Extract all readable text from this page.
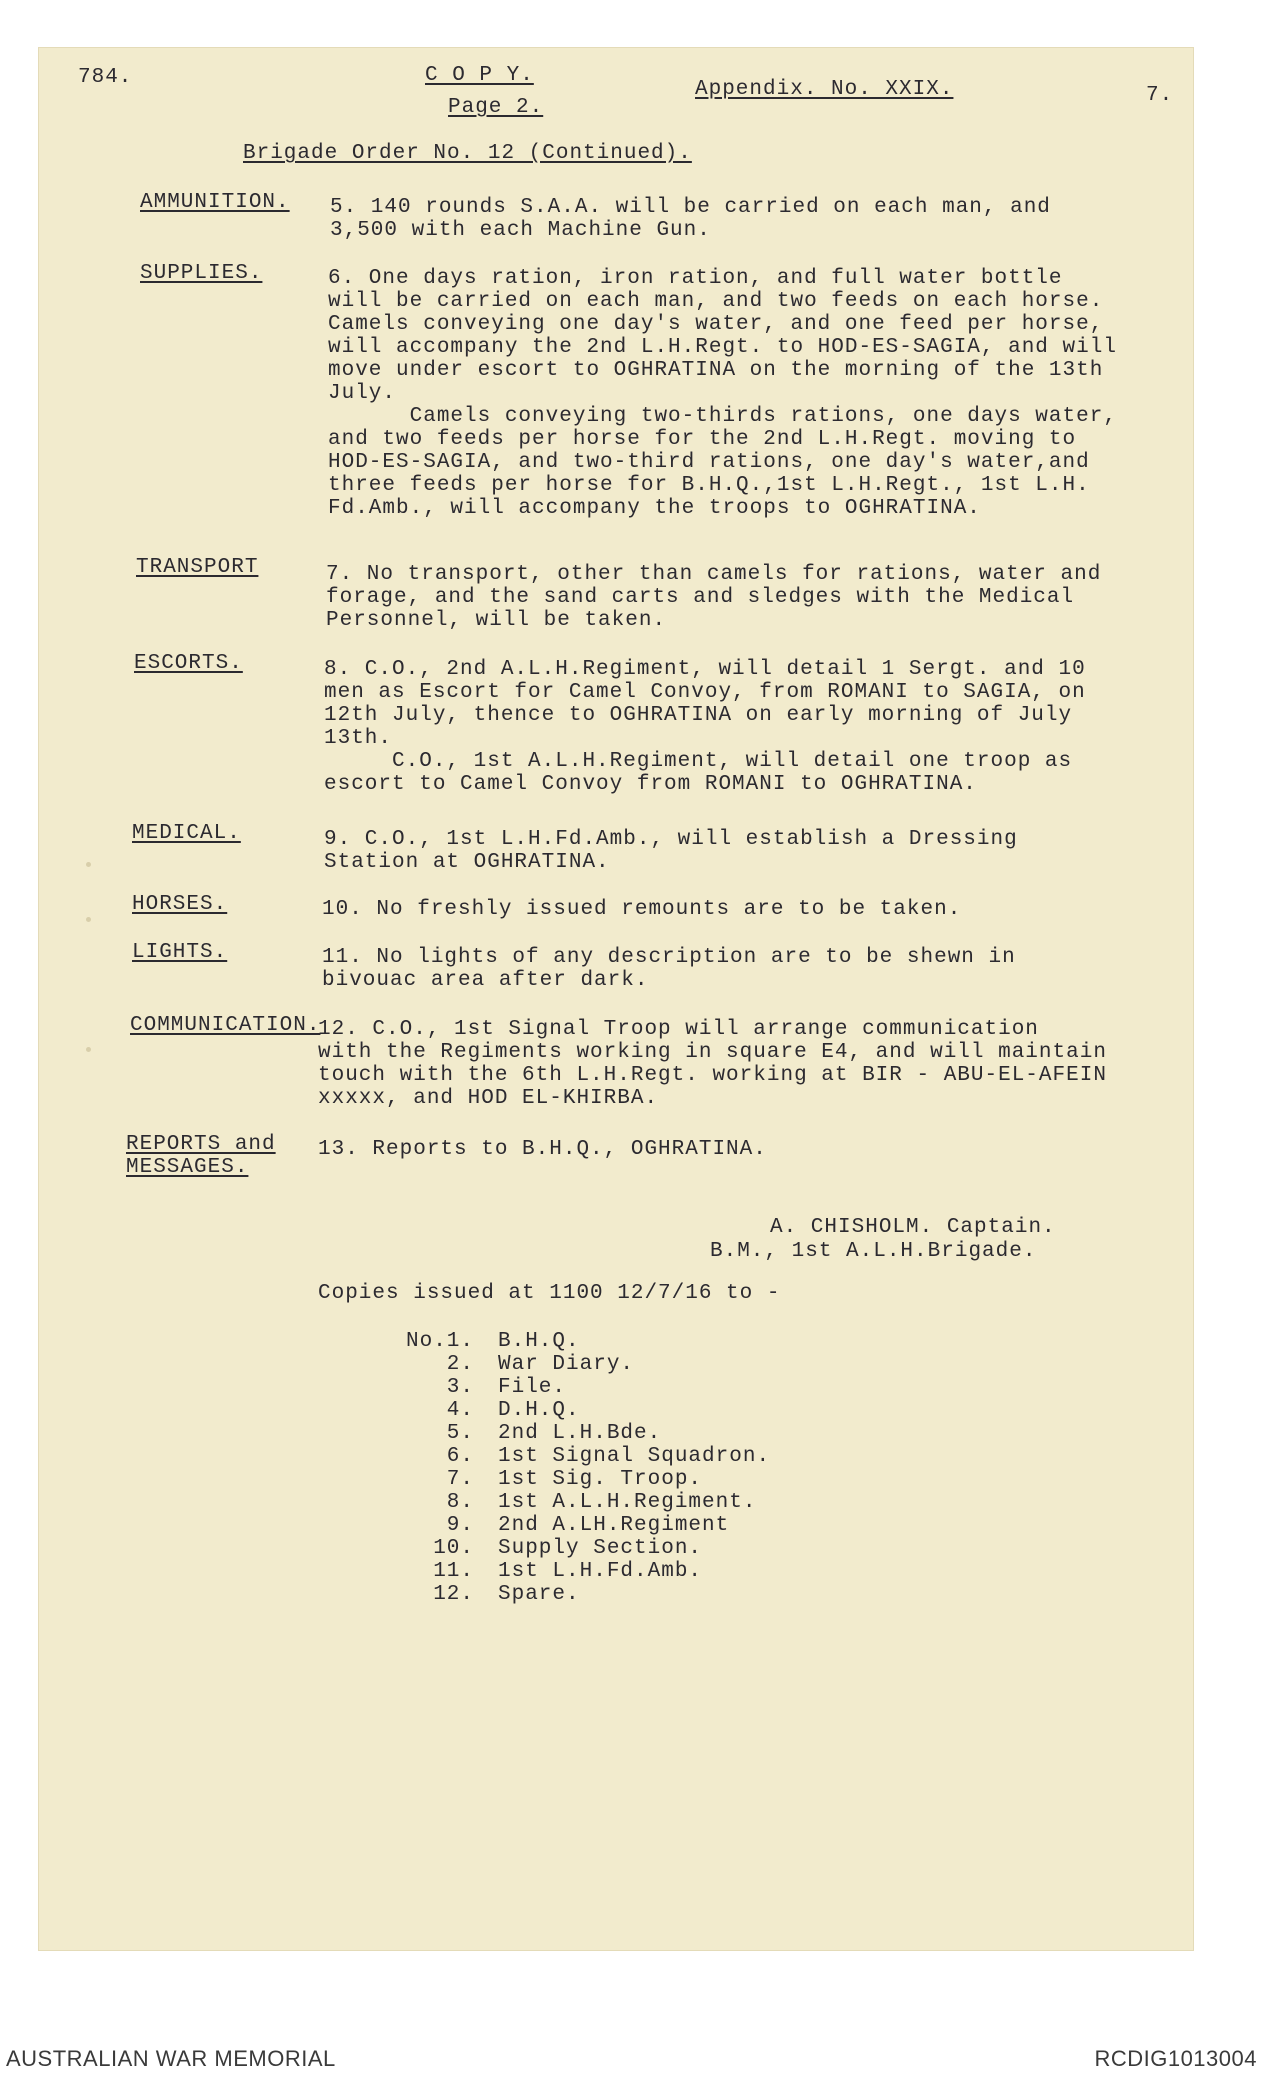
784.	C O P Y.
Page 2.
Appendix. No. XXIX.	7.
Brigade Order No. 12 (Continued).
AMMUNITION. 5. 140 rounds S.A.A. will be carried on each man, and
3,500 with each Machine Gun.
SUPPLIES.	6. One days ration, iron ration, and full water bottle
will be carried on each man, and two feeds on each horse.
Camels conveying one day's water, and one feed per horse,
will accompany the 2nd L.H.Regt. to HOD-ES-SAGIA, and will
move under escort to OGHRATINA on the morning of the 13th
July.
Camels conveying two-thirds rations, one days water,
and two feeds per horse for the 2nd L.H.Regt. moving to
HOD-ES-SAGIA, and two-third rations, one day's water,and
three feeds per horse for B.H.Q.,1st L.H.Regt., 1st L.H.
Fd.Amb., will accompany the troops to OGHRATINA.
TRANSPORT	7. No transport, other than camels for rations, water and
forage, and the sand carts and sledges with the Medical
Personnel, will be taken.
ESCORTS.	8. C.O., 2nd A.L.H.Regiment, will detail 1 Sergt. and 10
men as Escort for Camel Convoy, from ROMANI to SAGIA, on
12th July, thence to OGHRATINA on early morning of July
13th.
C.O., 1st A.L.H.Regiment, will detail one troop as
escort to Camel Convoy from ROMANI to OGHRATINA.
MEDICAL.	9. C.O., 1st L.H.Fd.Amb., will establish a Dressing
Station at OGHRATINA.
HORSES.	10. No freshly issued remounts are to be taken.
LIGHTS.	11. No lights of any description are to be shewn in
bivouac area after dark.
COMMUNICATION.
12. C.O., 1st Signal Troop will arrange communication
with the Regiments working in square E4, and will maintain
touch with the 6th L.H.Regt. working at BIR - ABU-EL-AFEIN
xxxxx, and HOD EL-KHIRBA.
REPORTS and
MESSAGES.
13. Reports to B.H.Q., OGHRATINA.
A. CHISHOLM. Captain.
B.M., 1st A.L.H.Brigade.
Copies issued at 1100 12/7/16 to -
No.1. B.H.Q.
2. War Diary.
3. File.
4. D.H.Q.
5. 2nd L.H.Bde.
6. 1st Signal Squadron.
7. 1st Sig. Troop.
8. 1st A.L.H.Regiment.
9. 2nd A.LH.Regiment
10. Supply Section.
11. 1st L.H.Fd.Amb.
12. Spare.
AUSTRALIAN WAR MEMORIAL	RCDIG1013004
